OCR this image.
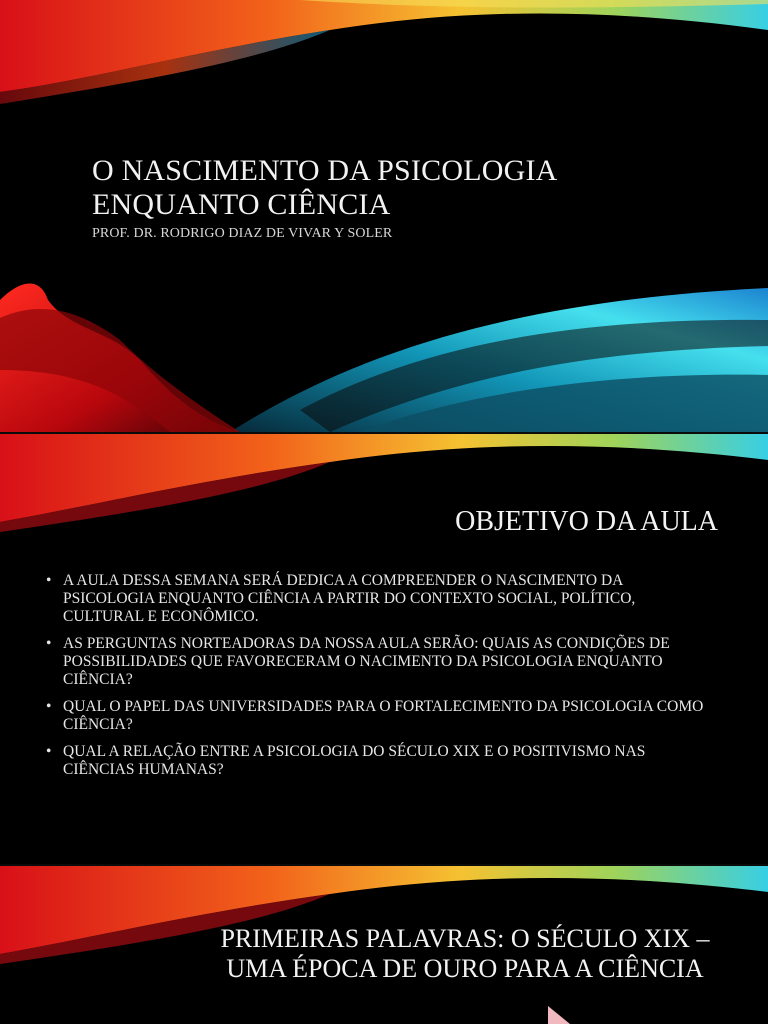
O NASCIMENTO DA PSICOLOGIA
ENQUANTO CIÊNCIA
PROF. DR. RODRIGO DIAZ DE VIVAR Y SOLER
OBJETIVO DA AULA
• A AULA DESSA SEMANA SERÁ DEDICA A COMPREENDER O NASCIMENTO DA PSICOLOGIA ENQUANTO CIÊNCIA A PARTIR DO CONTEXTO SOCIAL, POLÍTICO, CULTURAL E ECONÔMICO.
• AS PERGUNTAS NORTEADORAS DA NOSSA AULA SERÃO: QUAIS AS CONDIÇÕES DE POSSIBILIDADES QUE FAVORECERAM O NACIMENTO DA PSICOLOGIA ENQUANTO CIÊNCIA?
• QUAL O PAPEL DAS UNIVERSIDADES PARA O FORTALECIMENTO DA PSICOLOGIA COMO CIÊNCIA?
• QUAL A RELAÇÃO ENTRE A PSICOLOGIA DO SÉCULO XIX E O POSITIVISMO NAS CIÊNCIAS HUMANAS?
PRIMEIRAS PALAVRAS: O SÉCULO XIX –
UMA ÉPOCA DE OURO PARA A CIÊNCIA
